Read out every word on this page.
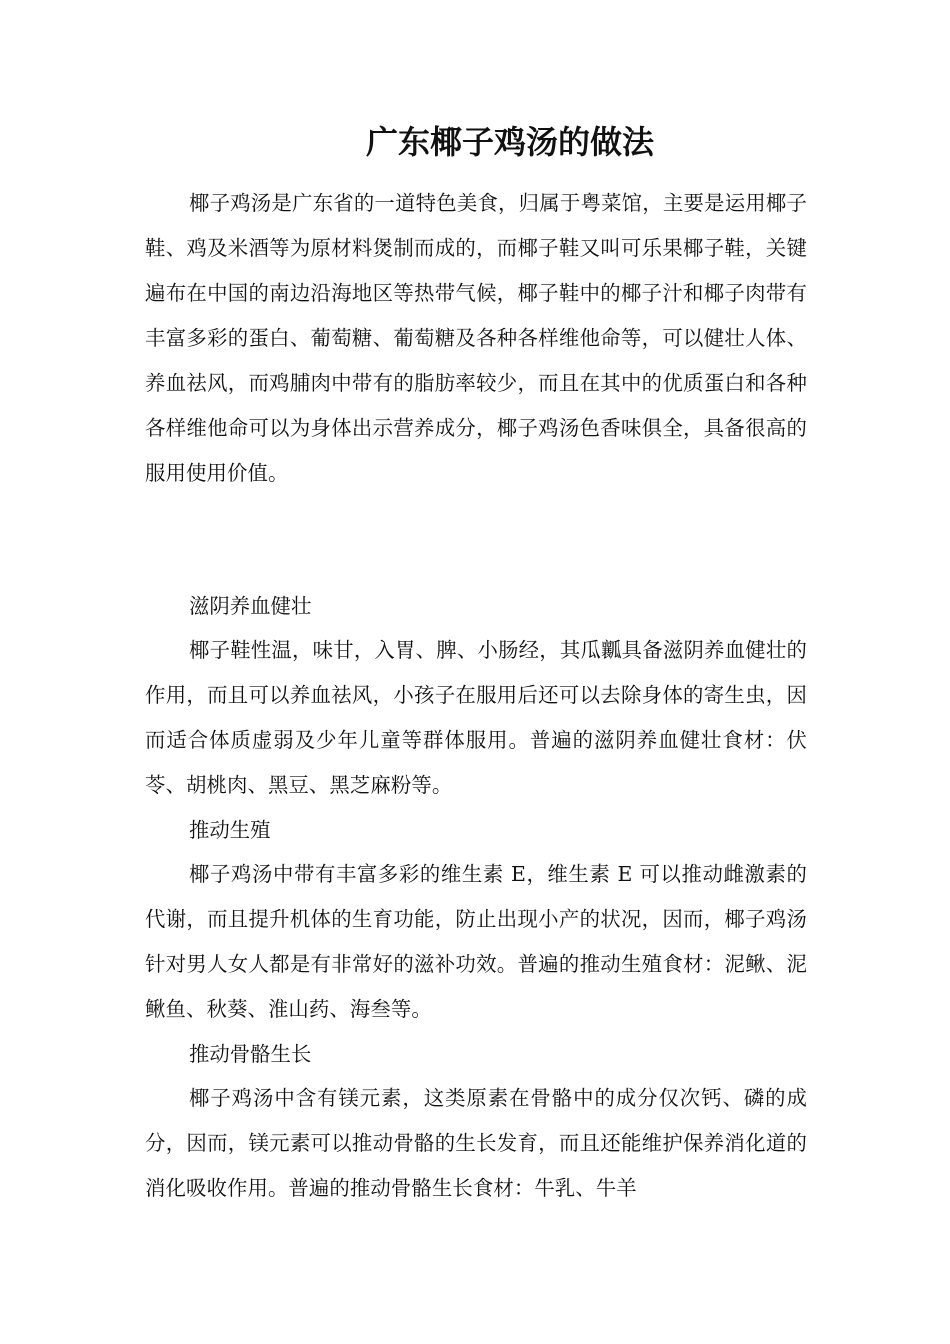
广东椰子鸡汤的做法

椰子鸡汤是广东省的一道特色美食，归属于粤菜馆，主要是运用椰子鞋、鸡及米酒等为原材料煲制而成的，而椰子鞋又叫可乐果椰子鞋，关键遍布在中国的南边沿海地区等热带气候，椰子鞋中的椰子汁和椰子肉带有丰富多彩的蛋白、葡萄糖、葡萄糖及各种各样维他命等，可以健壮人体、养血祛风，而鸡脯肉中带有的脂肪率较少，而且在其中的优质蛋白和各种各样维他命可以为身体出示营养成分，椰子鸡汤色香味俱全，具备很高的服用使用价值。

滋阴养血健壮

椰子鞋性温，味甘，入胃、脾、小肠经，其瓜瓤具备滋阴养血健壮的作用，而且可以养血祛风，小孩子在服用后还可以去除身体的寄生虫，因而适合体质虚弱及少年儿童等群体服用。普遍的滋阴养血健壮食材：伏苓、胡桃肉、黑豆、黑芝麻粉等。

推动生殖

椰子鸡汤中带有丰富多彩的维生素 E，维生素 E 可以推动雌激素的代谢，而且提升机体的生育功能，防止出现小产的状况，因而，椰子鸡汤针对男人女人都是有非常好的滋补功效。普遍的推动生殖食材：泥鳅、泥鳅鱼、秋葵、淮山药、海叁等。

推动骨骼生长

椰子鸡汤中含有镁元素，这类原素在骨骼中的成分仅次钙、磷的成分，因而，镁元素可以推动骨骼的生长发育，而且还能维护保养消化道的消化吸收作用。普遍的推动骨骼生长食材：牛乳、牛羊
